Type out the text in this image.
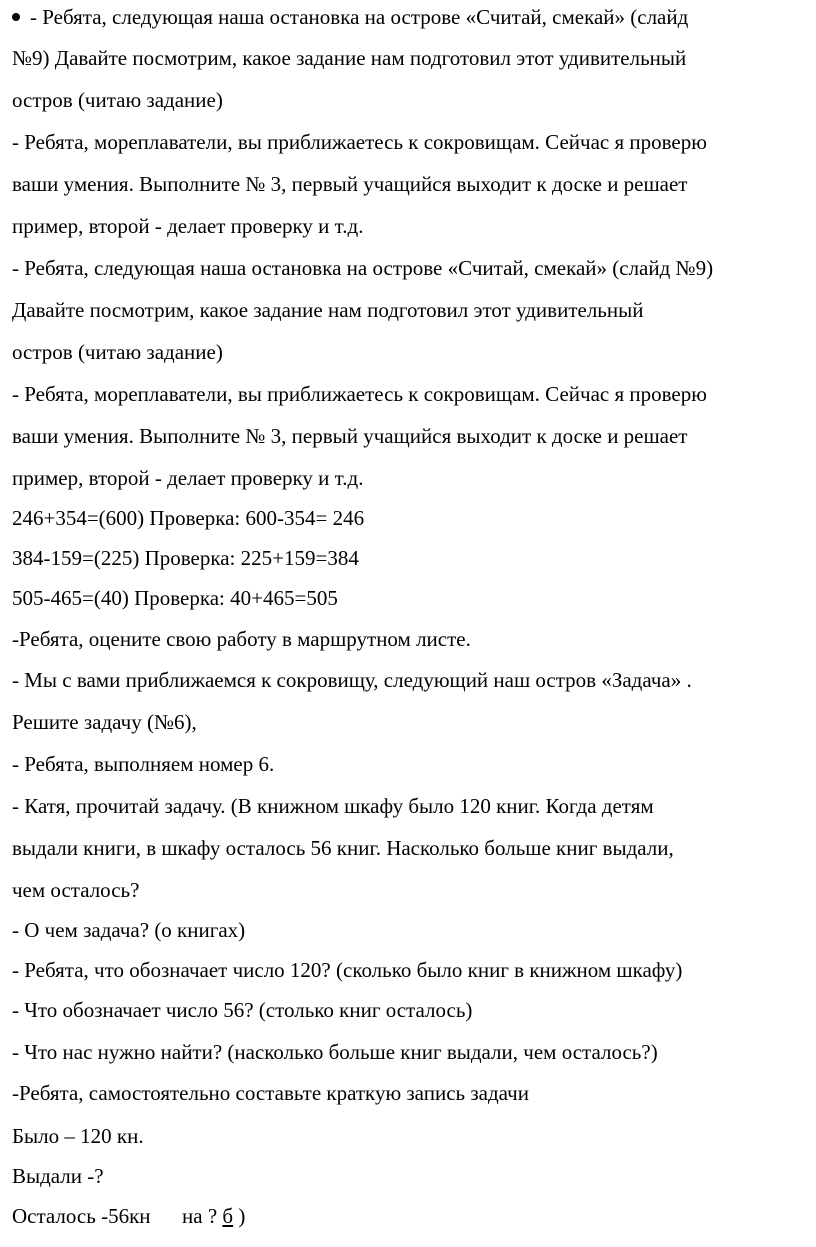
- Ребята, следующая наша остановка на острове «Считай, смекай» (слайд
№9) Давайте посмотрим, какое задание нам подготовил этот удивительный
остров (читаю задание)
- Ребята, мореплаватели, вы приближаетесь к сокровищам. Сейчас я проверю
ваши умения. Выполните № 3, первый учащийся выходит к доске и решает
пример, второй - делает проверку и т.д.
- Ребята, следующая наша остановка на острове «Считай, смекай» (слайд №9)
Давайте посмотрим, какое задание нам подготовил этот удивительный
остров (читаю задание)
- Ребята, мореплаватели, вы приближаетесь к сокровищам. Сейчас я проверю
ваши умения. Выполните № 3, первый учащийся выходит к доске и решает
пример, второй - делает проверку и т.д.
246+354=(600) Проверка: 600-354= 246
384-159=(225) Проверка: 225+159=384
505-465=(40) Проверка: 40+465=505
-Ребята, оцените свою работу в маршрутном листе.
- Мы с вами приближаемся к сокровищу, следующий наш остров «Задача» .
Решите задачу (№6),
- Ребята, выполняем номер 6.
- Катя, прочитай задачу. (В книжном шкафу было 120 книг. Когда детям
выдали книги, в шкафу осталось 56 книг. Насколько больше книг выдали,
чем осталось?
- О чем задача? (о книгах)
- Ребята, что обозначает число 120? (сколько было книг в книжном шкафу)
- Что обозначает число 56? (столько книг осталось)
- Что нас нужно найти? (насколько больше книг выдали, чем осталось?)
-Ребята, самостоятельно составьте краткую запись задачи
Было – 120 кн.
Выдали -?
Осталось -56кн      на ? б )
